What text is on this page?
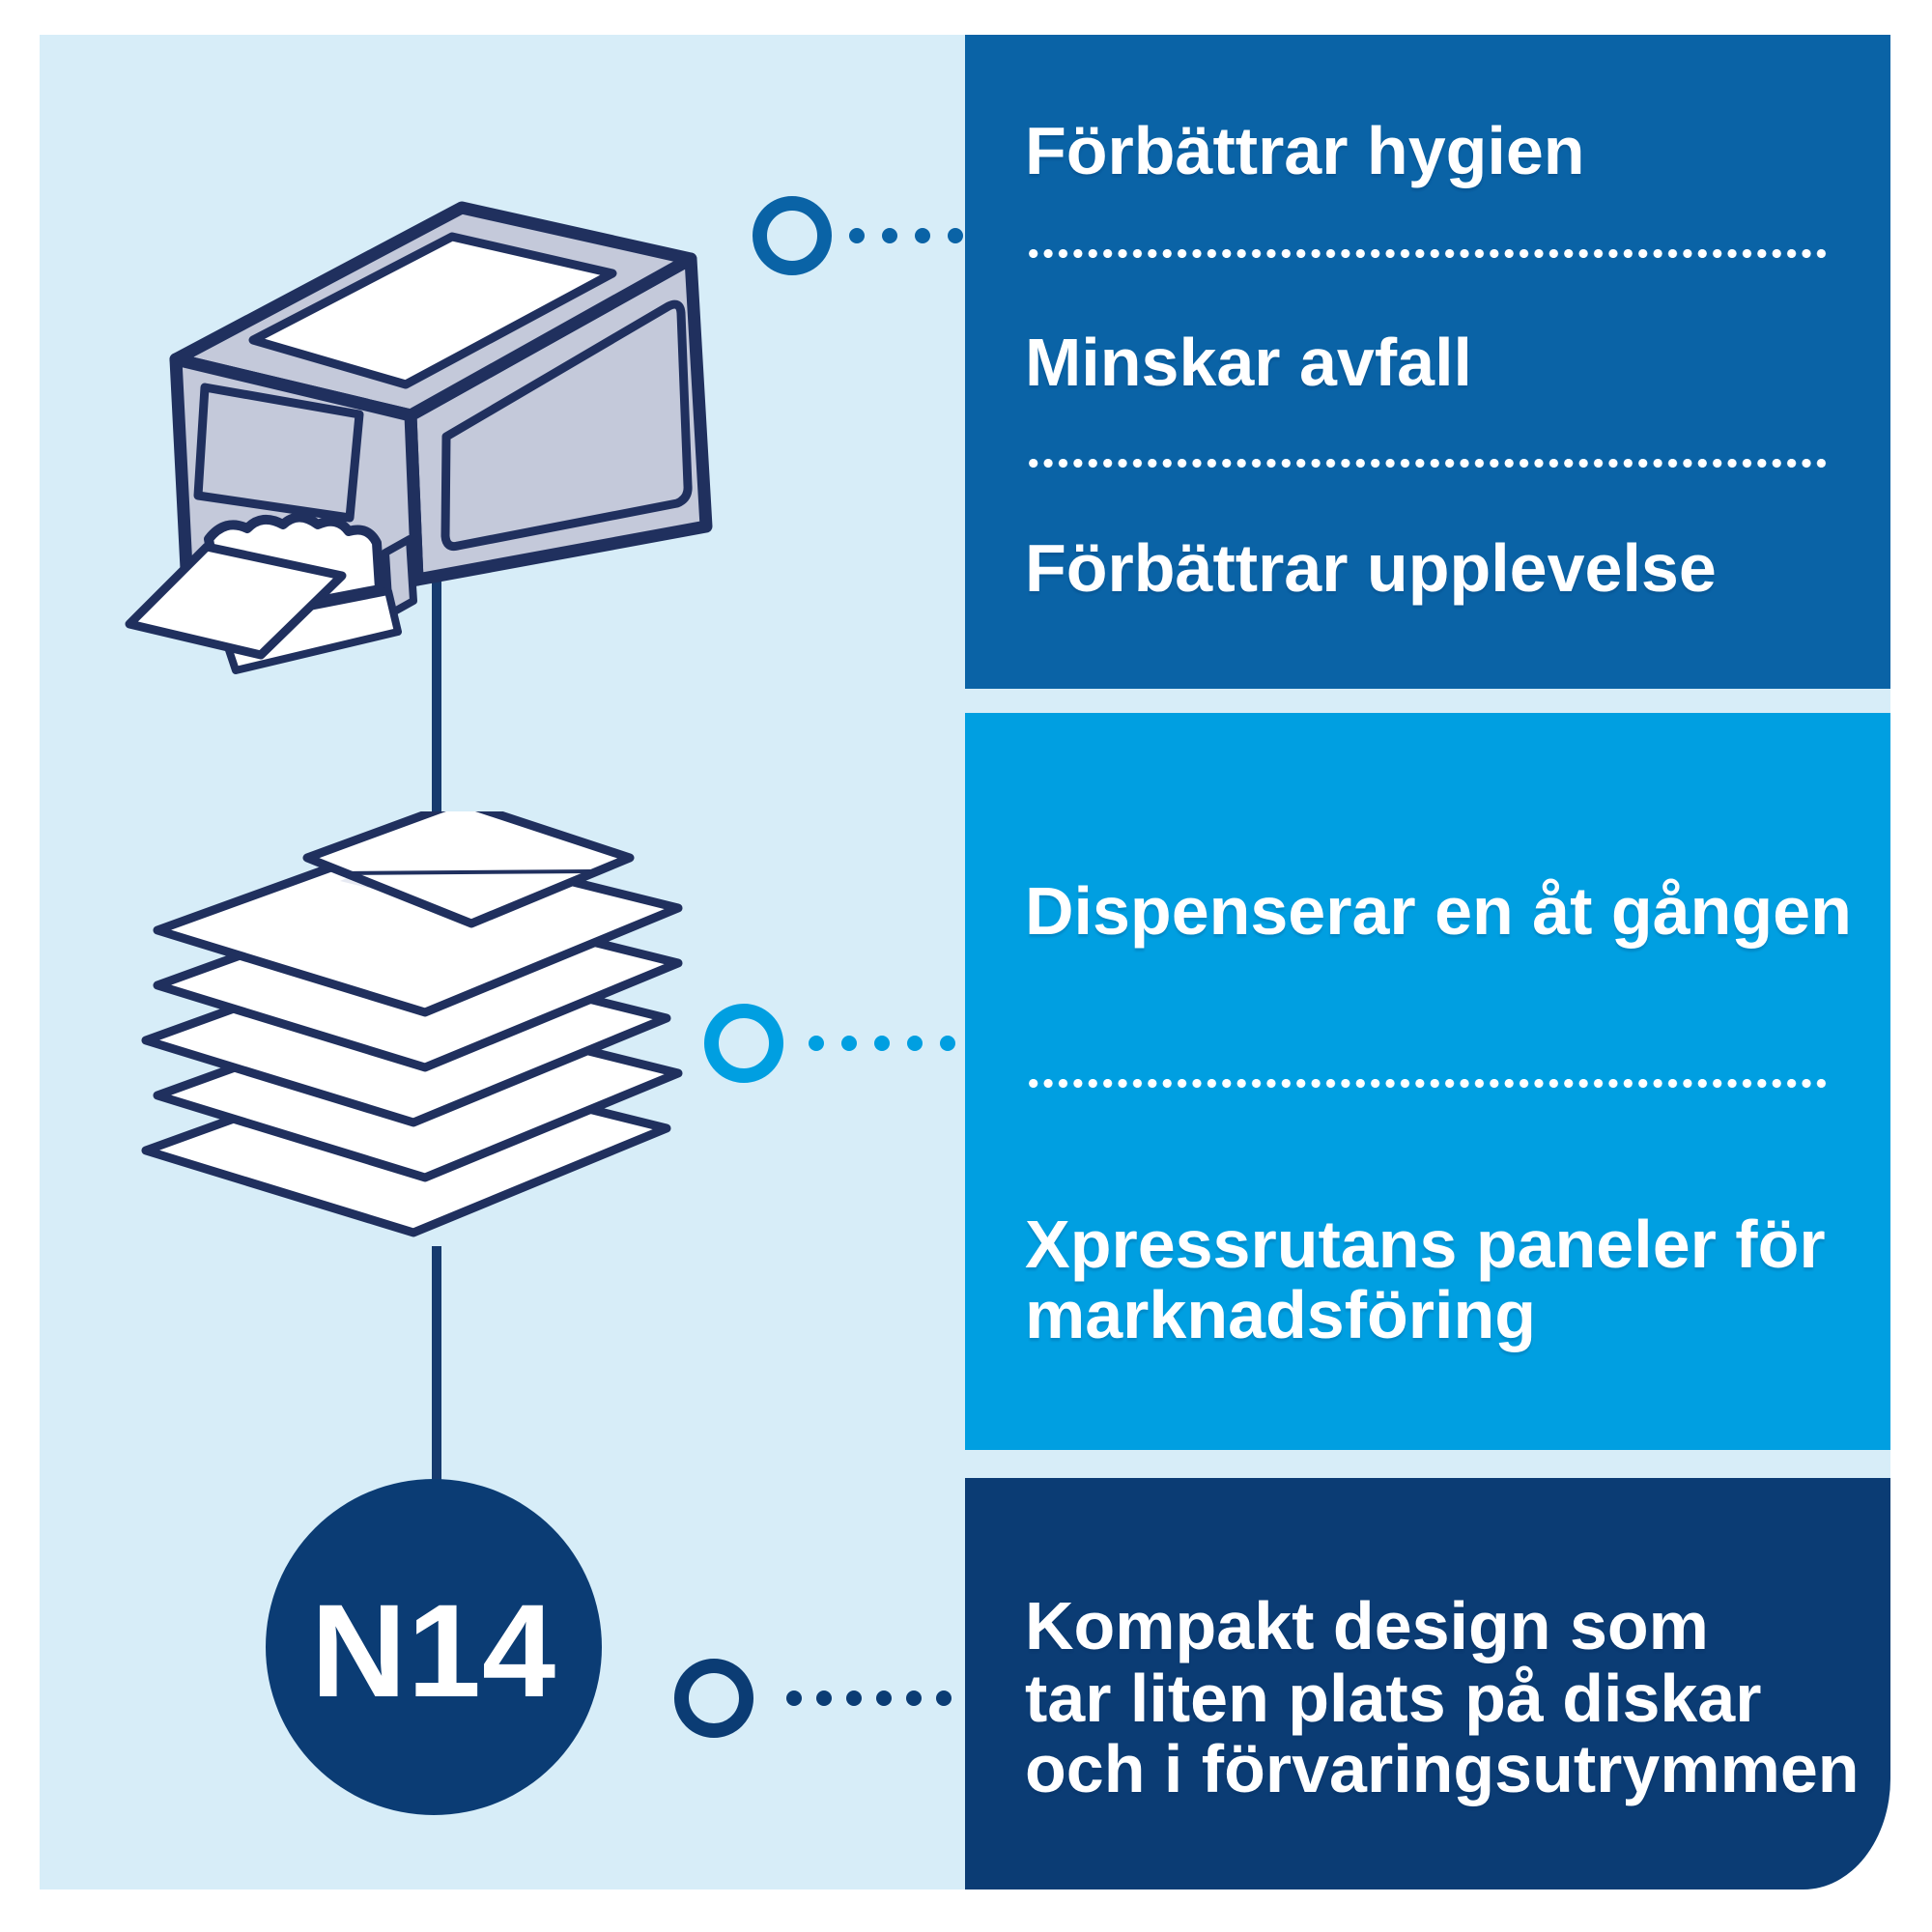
N14
Förbättrar hygien
Minskar avfall
Förbättrar upplevelse
Dispenserar en åt gången
Xpressrutans paneler för
marknadsföring
Kompakt design som
tar liten plats på diskar
och i förvaringsutrymmen
